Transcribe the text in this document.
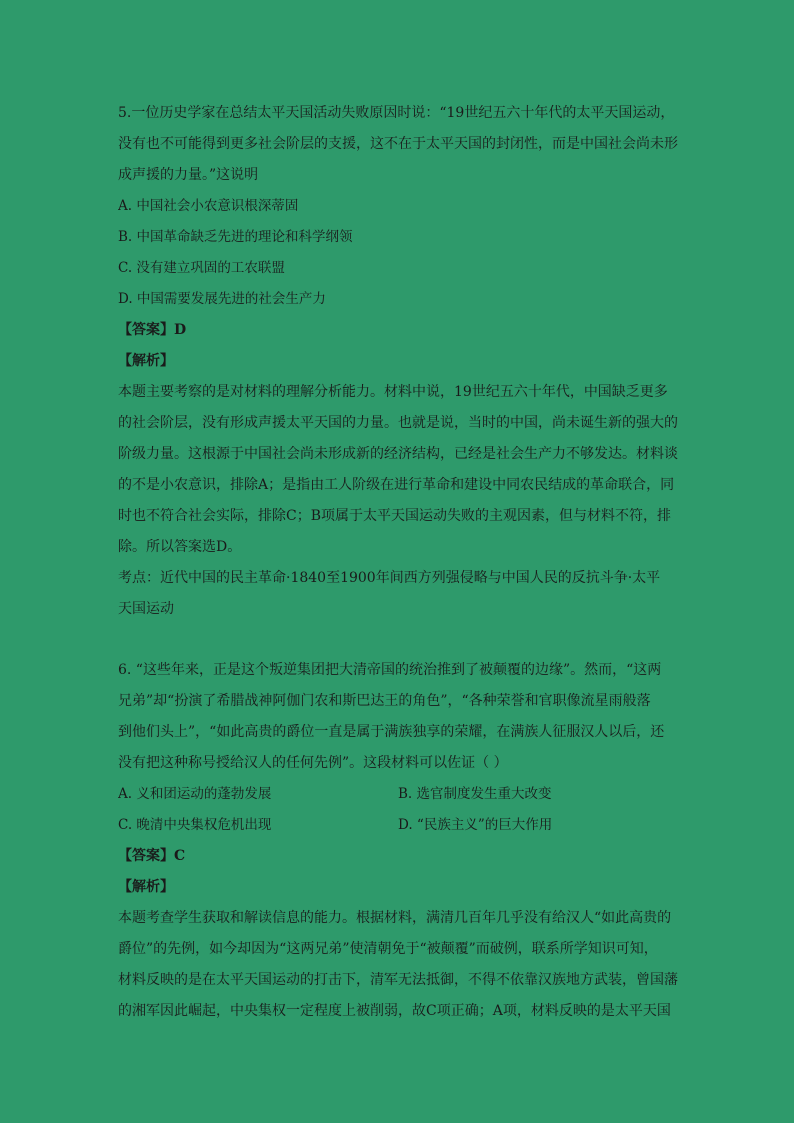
5.一位历史学家在总结太平天国活动失败原因时说：“19世纪五六十年代的太平天国运动，
没有也不可能得到更多社会阶层的支援，这不在于太平天国的封闭性，而是中国社会尚未形
成声援的力量。”这说明
A. 中国社会小农意识根深蒂固
B. 中国革命缺乏先进的理论和科学纲领
C. 没有建立巩固的工农联盟
D. 中国需要发展先进的社会生产力
【答案】D
【解析】
本题主要考察的是对材料的理解分析能力。材料中说，19世纪五六十年代，中国缺乏更多
的社会阶层，没有形成声援太平天国的力量。也就是说，当时的中国，尚未诞生新的强大的
阶级力量。这根源于中国社会尚未形成新的经济结构，已经是社会生产力不够发达。材料谈
的不是小农意识，排除A；是指由工人阶级在进行革命和建设中同农民结成的革命联合，同
时也不符合社会实际，排除C；B项属于太平天国运动失败的主观因素，但与材料不符，排
除。所以答案选D。
考点：近代中国的民主革命·1840至1900年间西方列强侵略与中国人民的反抗斗争·太平
天国运动
6. “这些年来，正是这个叛逆集团把大清帝国的统治推到了被颠覆的边缘”。然而，“这两
兄弟”却“扮演了希腊战神阿伽门农和斯巴达王的角色”，“各种荣誉和官职像流星雨般落
到他们头上”，“如此高贵的爵位一直是属于满族独享的荣耀，在满族人征服汉人以后，还
没有把这种称号授给汉人的任何先例”。这段材料可以佐证（ ）
A. 义和团运动的蓬勃发展	B. 选官制度发生重大改变
C. 晚清中央集权危机出现	D. “民族主义”的巨大作用
【答案】C
【解析】
本题考查学生获取和解读信息的能力。根据材料，满清几百年几乎没有给汉人“如此高贵的
爵位”的先例，如今却因为“这两兄弟”使清朝免于“被颠覆”而破例，联系所学知识可知，
材料反映的是在太平天国运动的打击下，清军无法抵御，不得不依靠汉族地方武装，曾国藩
的湘军因此崛起，中央集权一定程度上被削弱，故C项正确；A项，材料反映的是太平天国
